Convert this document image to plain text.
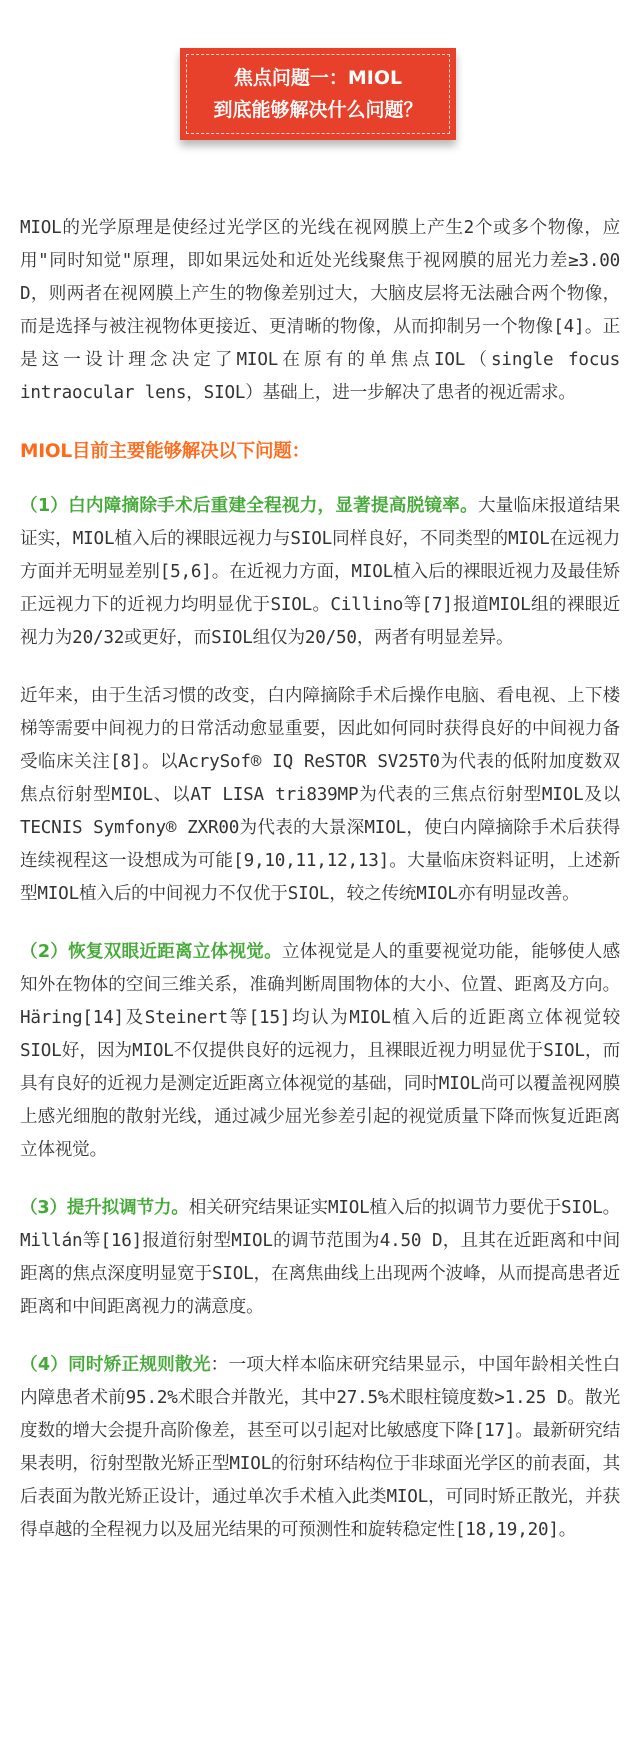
焦点问题一：MIOL
到底能够解决什么问题？

MIOL的光学原理是使经过光学区的光线在视网膜上产生2个或多个物像，应用"同时知觉"原理，即如果远处和近处光线聚焦于视网膜的屈光力差≥3.00 D，则两者在视网膜上产生的物像差别过大，大脑皮层将无法融合两个物像，而是选择与被注视物体更接近、更清晰的物像，从而抑制另一个物像[4]。正是这一设计理念决定了MIOL在原有的单焦点IOL（single focus intraocular lens，SIOL）基础上，进一步解决了患者的视近需求。

MIOL目前主要能够解决以下问题：

（1）白内障摘除手术后重建全程视力，显著提高脱镜率。大量临床报道结果证实，MIOL植入后的裸眼远视力与SIOL同样良好，不同类型的MIOL在远视力方面并无明显差别[5,6]。在近视力方面，MIOL植入后的裸眼近视力及最佳矫正远视力下的近视力均明显优于SIOL。Cillino等[7]报道MIOL组的裸眼近视力为20/32或更好，而SIOL组仅为20/50，两者有明显差异。

近年来，由于生活习惯的改变，白内障摘除手术后操作电脑、看电视、上下楼梯等需要中间视力的日常活动愈显重要，因此如何同时获得良好的中间视力备受临床关注[8]。以AcrySof® IQ ReSTOR SV25T0为代表的低附加度数双焦点衍射型MIOL、以AT LISA tri839MP为代表的三焦点衍射型MIOL及以TECNIS Symfony® ZXR00为代表的大景深MIOL，使白内障摘除手术后获得连续视程这一设想成为可能[9,10,11,12,13]。大量临床资料证明，上述新型MIOL植入后的中间视力不仅优于SIOL，较之传统MIOL亦有明显改善。

（2）恢复双眼近距离立体视觉。立体视觉是人的重要视觉功能，能够使人感知外在物体的空间三维关系，准确判断周围物体的大小、位置、距离及方向。Häring[14]及Steinert等[15]均认为MIOL植入后的近距离立体视觉较SIOL好，因为MIOL不仅提供良好的远视力，且裸眼近视力明显优于SIOL，而具有良好的近视力是测定近距离立体视觉的基础，同时MIOL尚可以覆盖视网膜上感光细胞的散射光线，通过减少屈光参差引起的视觉质量下降而恢复近距离立体视觉。

（3）提升拟调节力。相关研究结果证实MIOL植入后的拟调节力要优于SIOL。Millán等[16]报道衍射型MIOL的调节范围为4.50 D，且其在近距离和中间距离的焦点深度明显宽于SIOL，在离焦曲线上出现两个波峰，从而提高患者近距离和中间距离视力的满意度。

（4）同时矫正规则散光：一项大样本临床研究结果显示，中国年龄相关性白内障患者术前95.2%术眼合并散光，其中27.5%术眼柱镜度数>1.25 D。散光度数的增大会提升高阶像差，甚至可以引起对比敏感度下降[17]。最新研究结果表明，衍射型散光矫正型MIOL的衍射环结构位于非球面光学区的前表面，其后表面为散光矫正设计，通过单次手术植入此类MIOL，可同时矫正散光，并获得卓越的全程视力以及屈光结果的可预测性和旋转稳定性[18,19,20]。
